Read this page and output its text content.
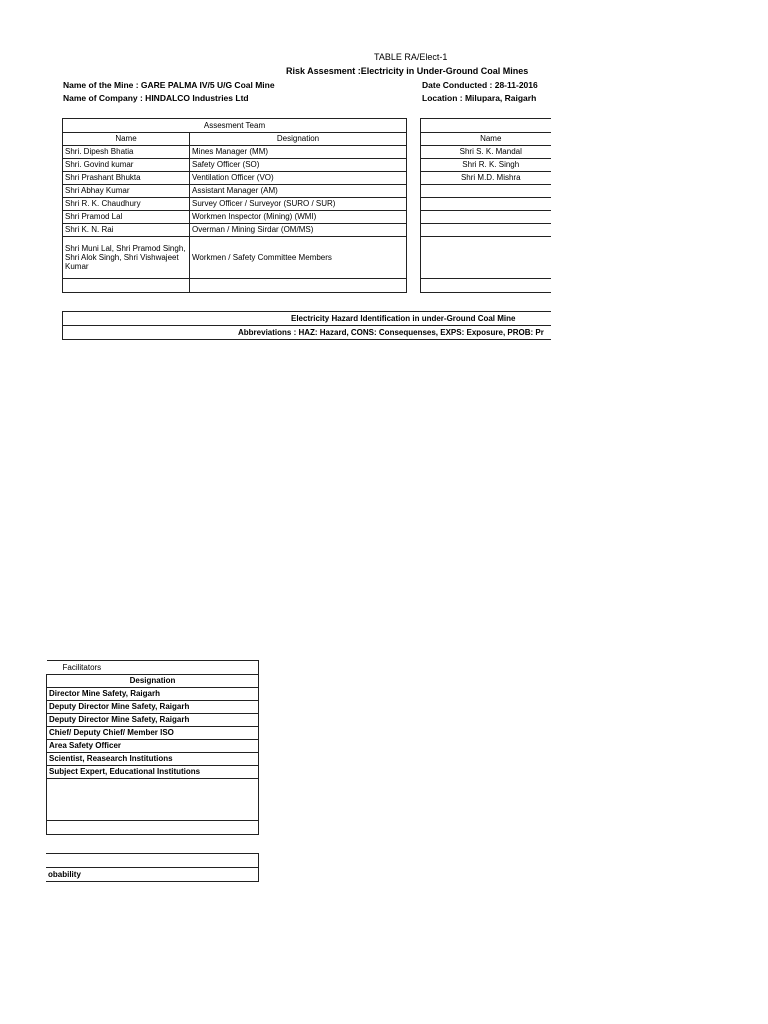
TABLE RA/Elect-1
Risk Assesment :Electricity in Under-Ground Coal Mines
Name of the Mine : GARE PALMA IV/5 U/G Coal Mine
Name of Company : HINDALCO Industries Ltd
Date Conducted : 28-11-2016
Location : Milupara, Raigarh
Assesment Team	
Name	Designation
Shri. Dipesh Bhatia	Mines Manager (MM)
Shri. Govind kumar	Safety Officer (SO)
Shri Prashant Bhukta	Ventilation Officer (VO)
Shri Abhay Kumar	Assistant Manager (AM)
Shri R. K. Chaudhury	Survey Officer / Surveyor (SURO / SUR)
Shri Pramod Lal	Workmen Inspector (Mining) (WMI)
Shri K. N. Rai	Overman / Mining Sirdar (OM/MS)
Shri Muni Lal, Shri Pramod Singh, Shri Alok Singh, Shri Vishwajeet Kumar	Workmen / Safety Committee Members

Name
Shri S. K. Mandal
Shri R. K. Singh
Shri M.D. Mishra

Electricity Hazard Identification in under-Ground Coal Mine
Abbreviations : HAZ: Hazard, CONS: Consequenses, EXPS: Exposure, PROB: Pr
Facilitators
Designation
Director Mine Safety, Raigarh
Deputy Director Mine Safety, Raigarh
Deputy Director Mine Safety, Raigarh
Chief/ Deputy Chief/ Member ISO
Area Safety Officer
Scientist, Reasearch Institutions
Subject Expert, Educational Institutions

obability
